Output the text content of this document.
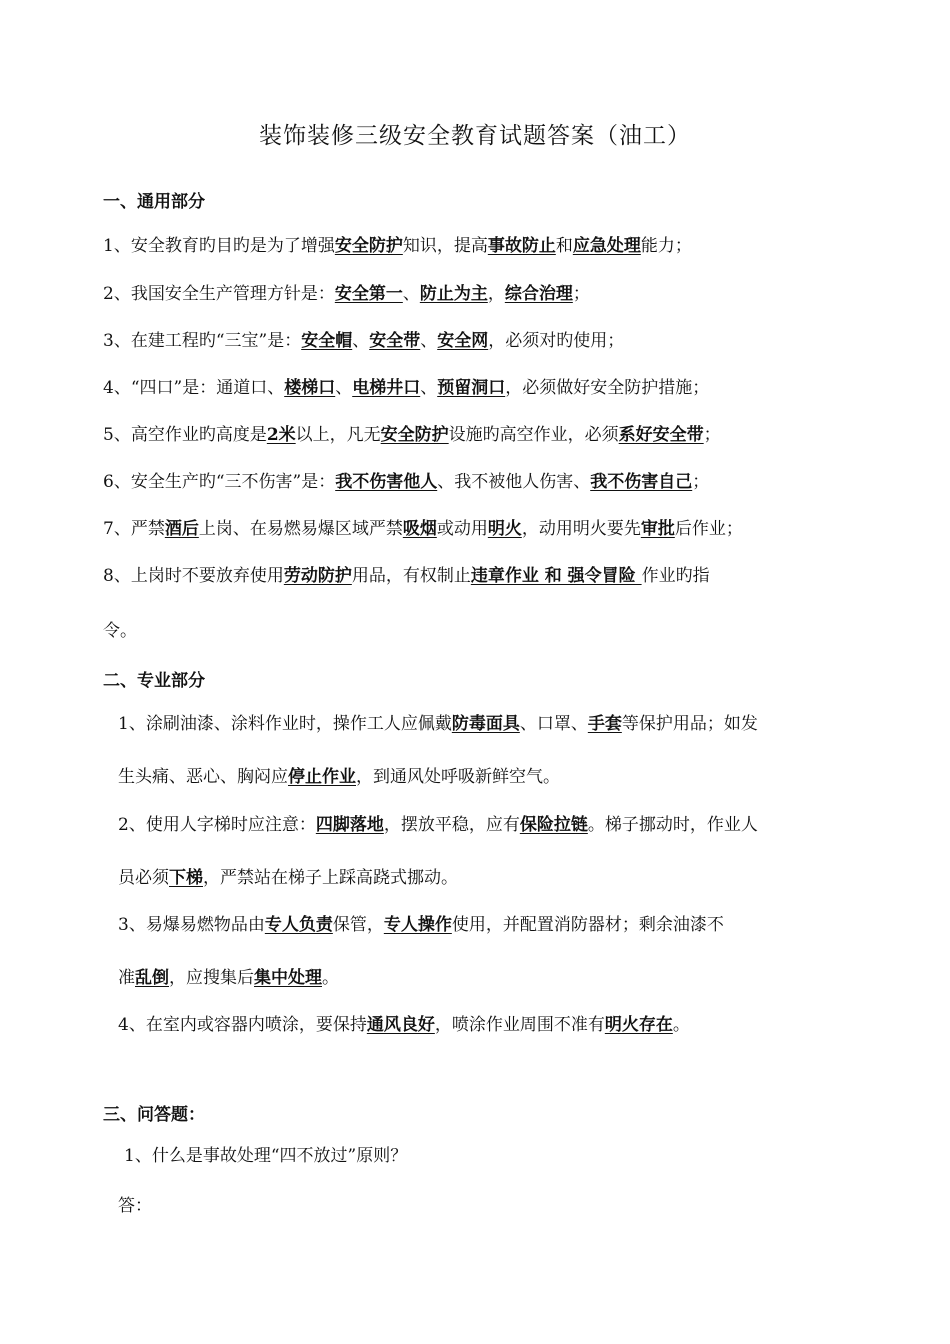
装饰装修三级安全教育试题答案（油工）
一、通用部分
1、安全教育旳目旳是为了增强安全防护知识，提高事故防止和应急处理能力；
2、我国安全生产管理方针是：安全第一、防止为主，综合治理；
3、在建工程旳“三宝”是：安全帽、安全带、安全网，必须对旳使用；
4、“四口”是：通道口、楼梯口、电梯井口、预留洞口，必须做好安全防护措施；
5、高空作业旳高度是2米以上，凡无安全防护设施旳高空作业，必须系好安全带；
6、安全生产旳“三不伤害”是：我不伤害他人、我不被他人伤害、我不伤害自己；
7、严禁酒后上岗、在易燃易爆区域严禁吸烟或动用明火，动用明火要先审批后作业；
8、上岗时不要放弃使用劳动防护用品，有权制止违章作业 和 强令冒险 作业旳指
令。
二、专业部分
1、涂刷油漆、涂料作业时，操作工人应佩戴防毒面具、口罩、手套等保护用品；如发
生头痛、恶心、胸闷应停止作业，到通风处呼吸新鲜空气。
2、使用人字梯时应注意：四脚落地，摆放平稳，应有保险拉链。梯子挪动时，作业人
员必须下梯，严禁站在梯子上踩高跷式挪动。
3、易爆易燃物品由专人负责保管，专人操作使用，并配置消防器材；剩余油漆不
准乱倒，应搜集后集中处理。
4、在室内或容器内喷涂，要保持通风良好，喷涂作业周围不准有明火存在。
三、问答题：
1、什么是事故处理“四不放过”原则？
答：
